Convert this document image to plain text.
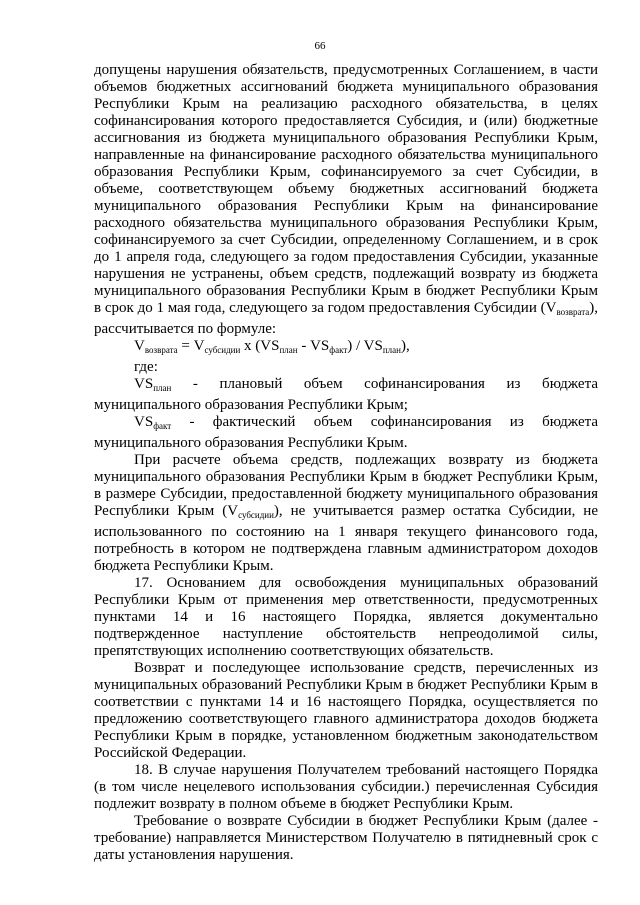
66

допущены нарушения обязательств, предусмотренных Соглашением, в части объемов бюджетных ассигнований бюджета муниципального образования Республики Крым на реализацию расходного обязательства, в целях софинансирования которого предоставляется Субсидия, и (или) бюджетные ассигнования из бюджета муниципального образования Республики Крым, направленные на финансирование расходного обязательства муниципального образования Республики Крым, софинансируемого за счет Субсидии, в объеме, соответствующем объему бюджетных ассигнований бюджета муниципального образования Республики Крым на финансирование расходного обязательства муниципального образования Республики Крым, софинансируемого за счет Субсидии, определенному Соглашением, и в срок до 1 апреля года, следующего за годом предоставления Субсидии, указанные нарушения не устранены, объем средств, подлежащий возврату из бюджета муниципального образования Республики Крым в бюджет Республики Крым в срок до 1 мая года, следующего за годом предоставления Субсидии $(V_{возврата})$, рассчитывается по формуле:

$V_{возврата} = V_{субсидии}$ x $(VS_{план} - VS_{факт}) / VS_{план}$),

где:

$VS_{план}$ - плановый объем софинансирования из бюджета муниципального образования Республики Крым;

$VS_{факт}$ - фактический объем софинансирования из бюджета муниципального образования Республики Крым.

При расчете объема средств, подлежащих возврату из бюджета муниципального образования Республики Крым в бюджет Республики Крым, в размере Субсидии, предоставленной бюджету муниципального образования Республики Крым $(V_{субсидии})$, не учитывается размер остатка Субсидии, не использованного по состоянию на 1 января текущего финансового года, потребность в котором не подтверждена главным администратором доходов бюджета Республики Крым.

17. Основанием для освобождения муниципальных образований Республики Крым от применения мер ответственности, предусмотренных пунктами 14 и 16 настоящего Порядка, является документально подтвержденное наступление обстоятельств непреодолимой силы, препятствующих исполнению соответствующих обязательств.

Возврат и последующее использование средств, перечисленных из муниципальных образований Республики Крым в бюджет Республики Крым в соответствии с пунктами 14 и 16 настоящего Порядка, осуществляется по предложению соответствующего главного администратора доходов бюджета Республики Крым в порядке, установленном бюджетным законодательством Российской Федерации.

18. В случае нарушения Получателем требований настоящего Порядка (в том числе нецелевого использования субсидии.) перечисленная Субсидия подлежит возврату в полном объеме в бюджет Республики Крым.

Требование о возврате Субсидии в бюджет Республики Крым (далее - требование) направляется Министерством Получателю в пятидневный срок с даты установления нарушения.
